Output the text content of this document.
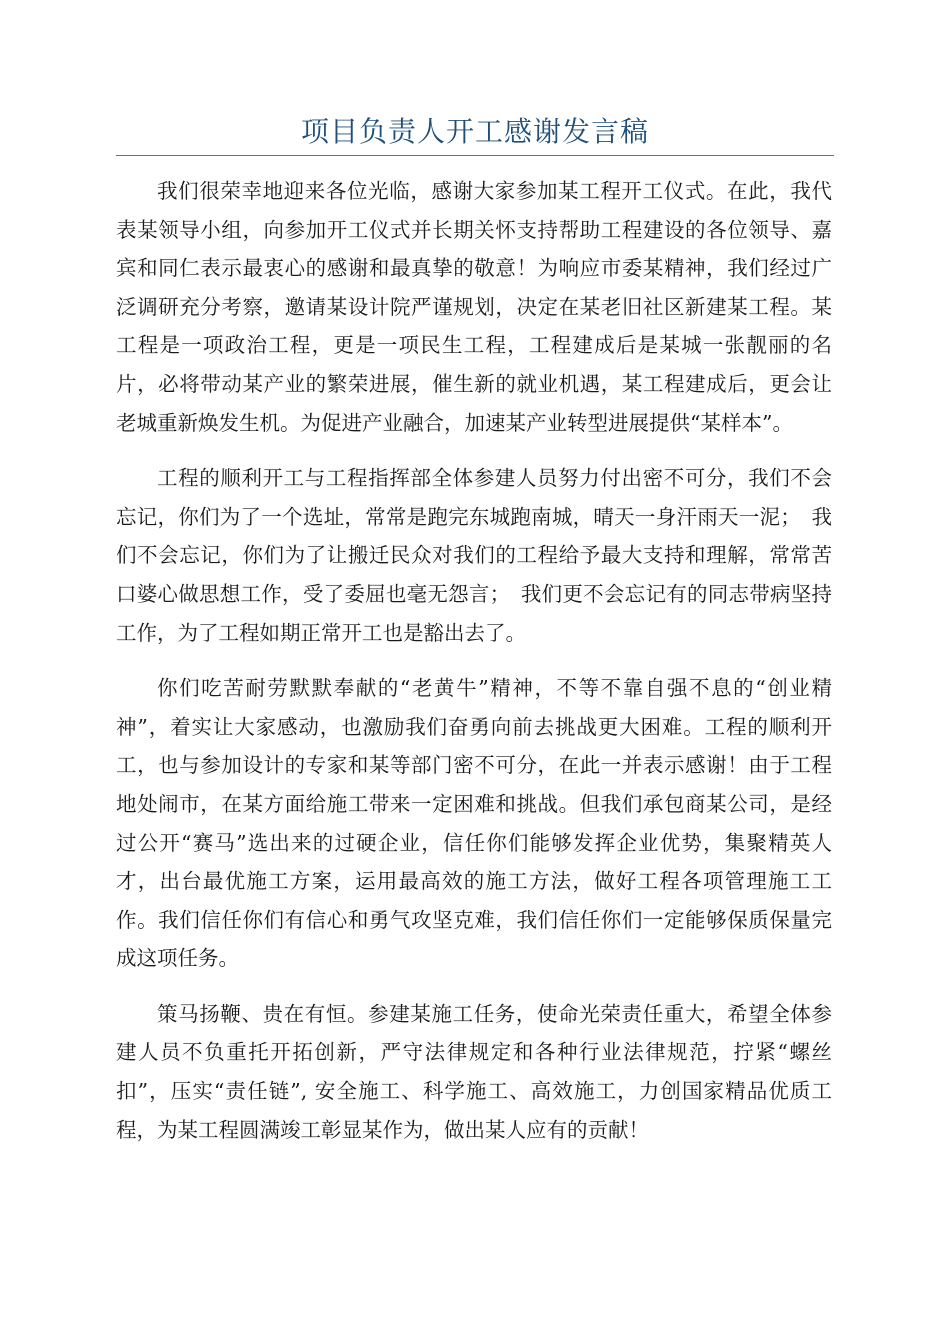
项目负责人开工感谢发言稿

我们很荣幸地迎来各位光临，感谢大家参加某工程开工仪式。在此，我代表某领导小组，向参加开工仪式并长期关怀支持帮助工程建设的各位领导、嘉宾和同仁表示最衷心的感谢和最真挚的敬意！为响应市委某精神，我们经过广泛调研充分考察，邀请某设计院严谨规划，决定在某老旧社区新建某工程。某工程是一项政治工程，更是一项民生工程，工程建成后是某城一张靓丽的名片，必将带动某产业的繁荣进展，催生新的就业机遇，某工程建成后，更会让老城重新焕发生机。为促进产业融合，加速某产业转型进展提供“某样本”。

工程的顺利开工与工程指挥部全体参建人员努力付出密不可分，我们不会忘记，你们为了一个选址，常常是跑完东城跑南城，晴天一身汗雨天一泥；　我们不会忘记，你们为了让搬迁民众对我们的工程给予最大支持和理解，常常苦口婆心做思想工作，受了委屈也毫无怨言；　我们更不会忘记有的同志带病坚持工作，为了工程如期正常开工也是豁出去了。

你们吃苦耐劳默默奉献的“老黄牛”精神，不等不靠自强不息的“创业精神”，着实让大家感动，也激励我们奋勇向前去挑战更大困难。工程的顺利开工，也与参加设计的专家和某等部门密不可分，在此一并表示感谢！由于工程地处闹市，在某方面给施工带来一定困难和挑战。但我们承包商某公司，是经过公开“赛马”选出来的过硬企业，信任你们能够发挥企业优势，集聚精英人才，出台最优施工方案，运用最高效的施工方法，做好工程各项管理施工工作。我们信任你们有信心和勇气攻坚克难，我们信任你们一定能够保质保量完成这项任务。

策马扬鞭、贵在有恒。参建某施工任务，使命光荣责任重大，希望全体参建人员不负重托开拓创新，严守法律规定和各种行业法律规范，拧紧“螺丝扣”，压实“责任链”, 安全施工、科学施工、高效施工，力创国家精品优质工程，为某工程圆满竣工彰显某作为，做出某人应有的贡献！
